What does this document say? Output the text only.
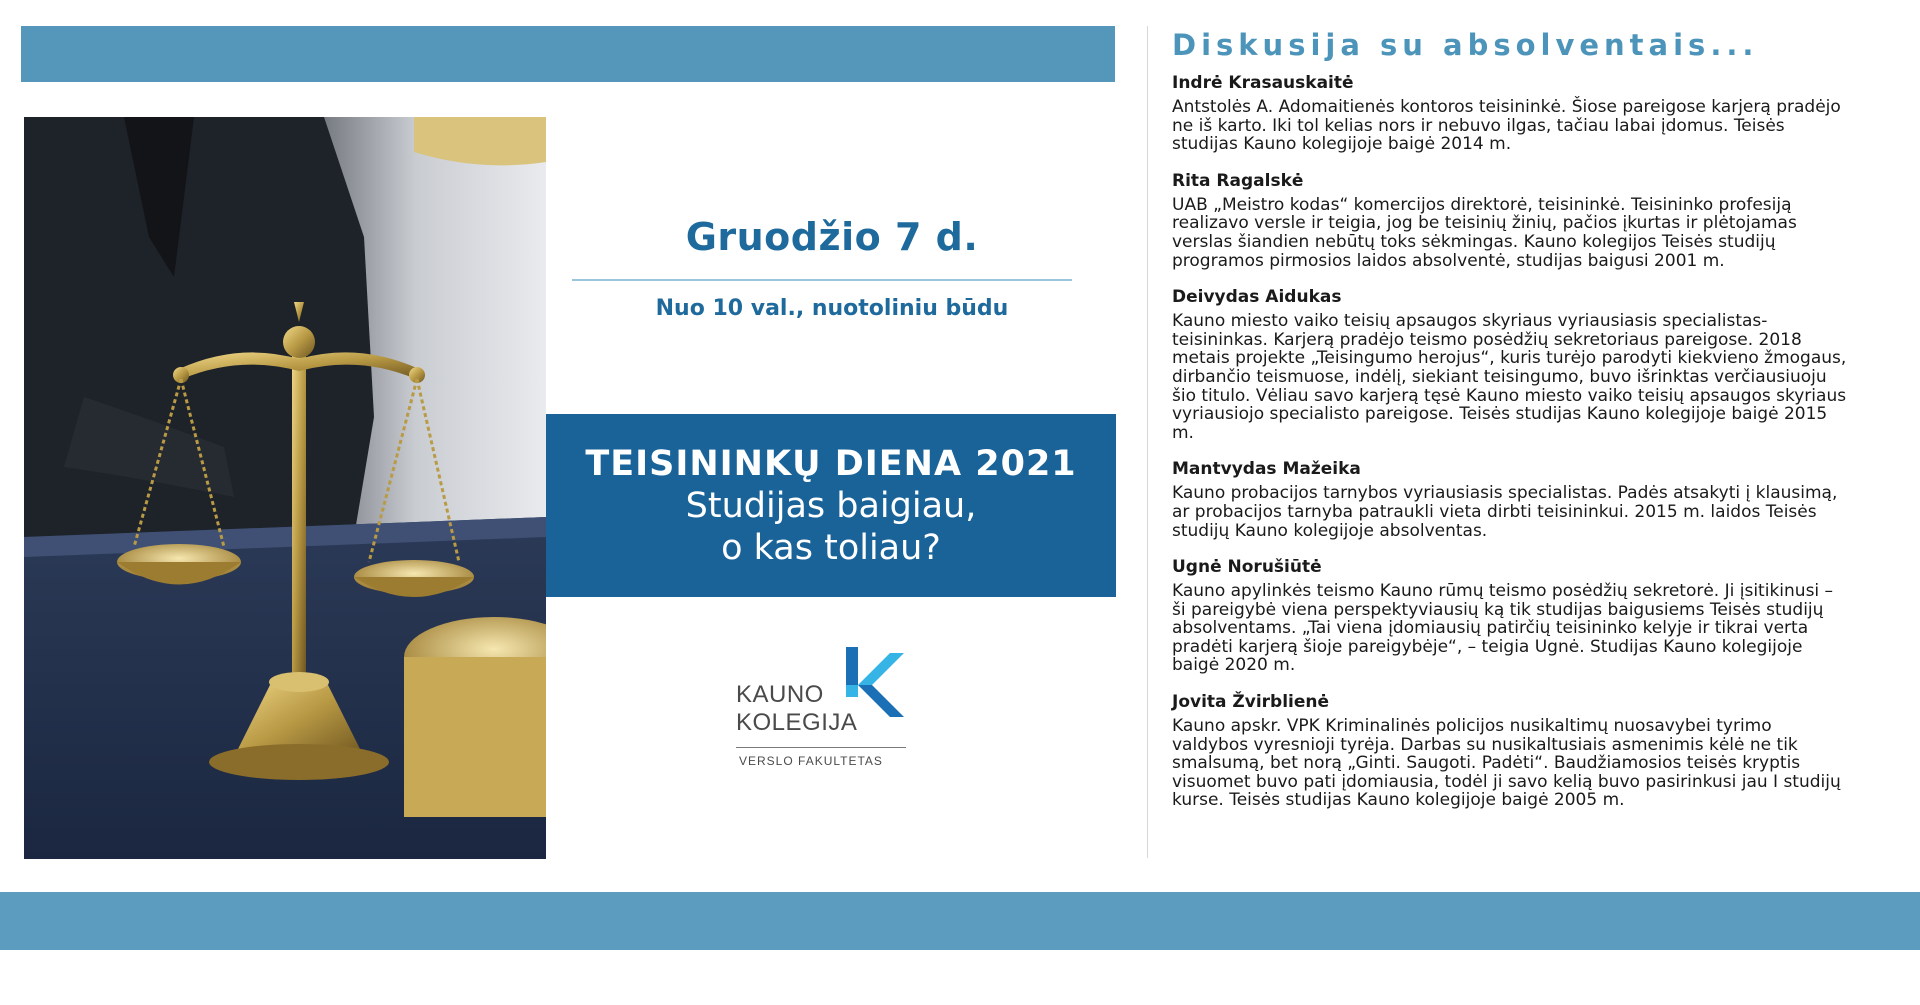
Gruodžio 7 d.
Nuo 10 val., nuotoliniu būdu
TEISININKŲ DIENA 2021
Studijas baigiau,
o kas toliau?
KAUNO
KOLEGIJA
VERSLO FAKULTETAS
Diskusija su absolventais...
Indrė Krasauskaitė
Antstolės A. Adomaitienės kontoros teisininkė. Šiose pareigose karjerą pradėjo ne iš karto. Iki tol kelias nors ir nebuvo ilgas, tačiau labai įdomus. Teisės studijas Kauno kolegijoje baigė 2014 m.
Rita Ragalskė
UAB „Meistro kodas“ komercijos direktorė, teisininkė. Teisininko profesiją realizavo versle ir teigia, jog be teisinių žinių, pačios įkurtas ir plėtojamas verslas šiandien nebūtų toks sėkmingas. Kauno kolegijos Teisės studijų programos pirmosios laidos absolventė, studijas baigusi 2001 m.
Deivydas Aidukas
Kauno miesto vaiko teisių apsaugos skyriaus vyriausiasis specialistas-teisininkas. Karjerą pradėjo teismo posėdžių sekretoriaus pareigose. 2018 metais projekte „Teisingumo herojus“, kuris turėjo parodyti kiekvieno žmogaus, dirbančio teismuose, indėlį, siekiant teisingumo, buvo išrinktas verčiausiuoju šio titulo. Vėliau savo karjerą tęsė Kauno miesto vaiko teisių apsaugos skyriaus vyriausiojo specialisto pareigose. Teisės studijas Kauno kolegijoje baigė 2015 m.
Mantvydas Mažeika
Kauno probacijos tarnybos vyriausiasis specialistas. Padės atsakyti į klausimą, ar probacijos tarnyba patraukli vieta dirbti teisininkui. 2015 m. laidos Teisės studijų Kauno kolegijoje absolventas.
Ugnė Norušiūtė
Kauno apylinkės teismo Kauno rūmų teismo posėdžių sekretorė. Ji įsitikinusi – ši pareigybė viena perspektyviausių ką tik studijas baigusiems Teisės studijų absolventams. „Tai viena įdomiausių patirčių teisininko kelyje ir tikrai verta pradėti karjerą šioje pareigybėje“, – teigia Ugnė. Studijas Kauno kolegijoje baigė 2020 m.
Jovita Žvirblienė
Kauno apskr. VPK Kriminalinės policijos nusikaltimų nuosavybei tyrimo valdybos vyresnioji tyrėja. Darbas su nusikaltusiais asmenimis kėlė ne tik smalsumą, bet norą „Ginti. Saugoti. Padėti“. Baudžiamosios teisės kryptis visuomet buvo pati įdomiausia, todėl ji savo kelią buvo pasirinkusi jau I studijų kurse. Teisės studijas Kauno kolegijoje baigė 2005 m.
